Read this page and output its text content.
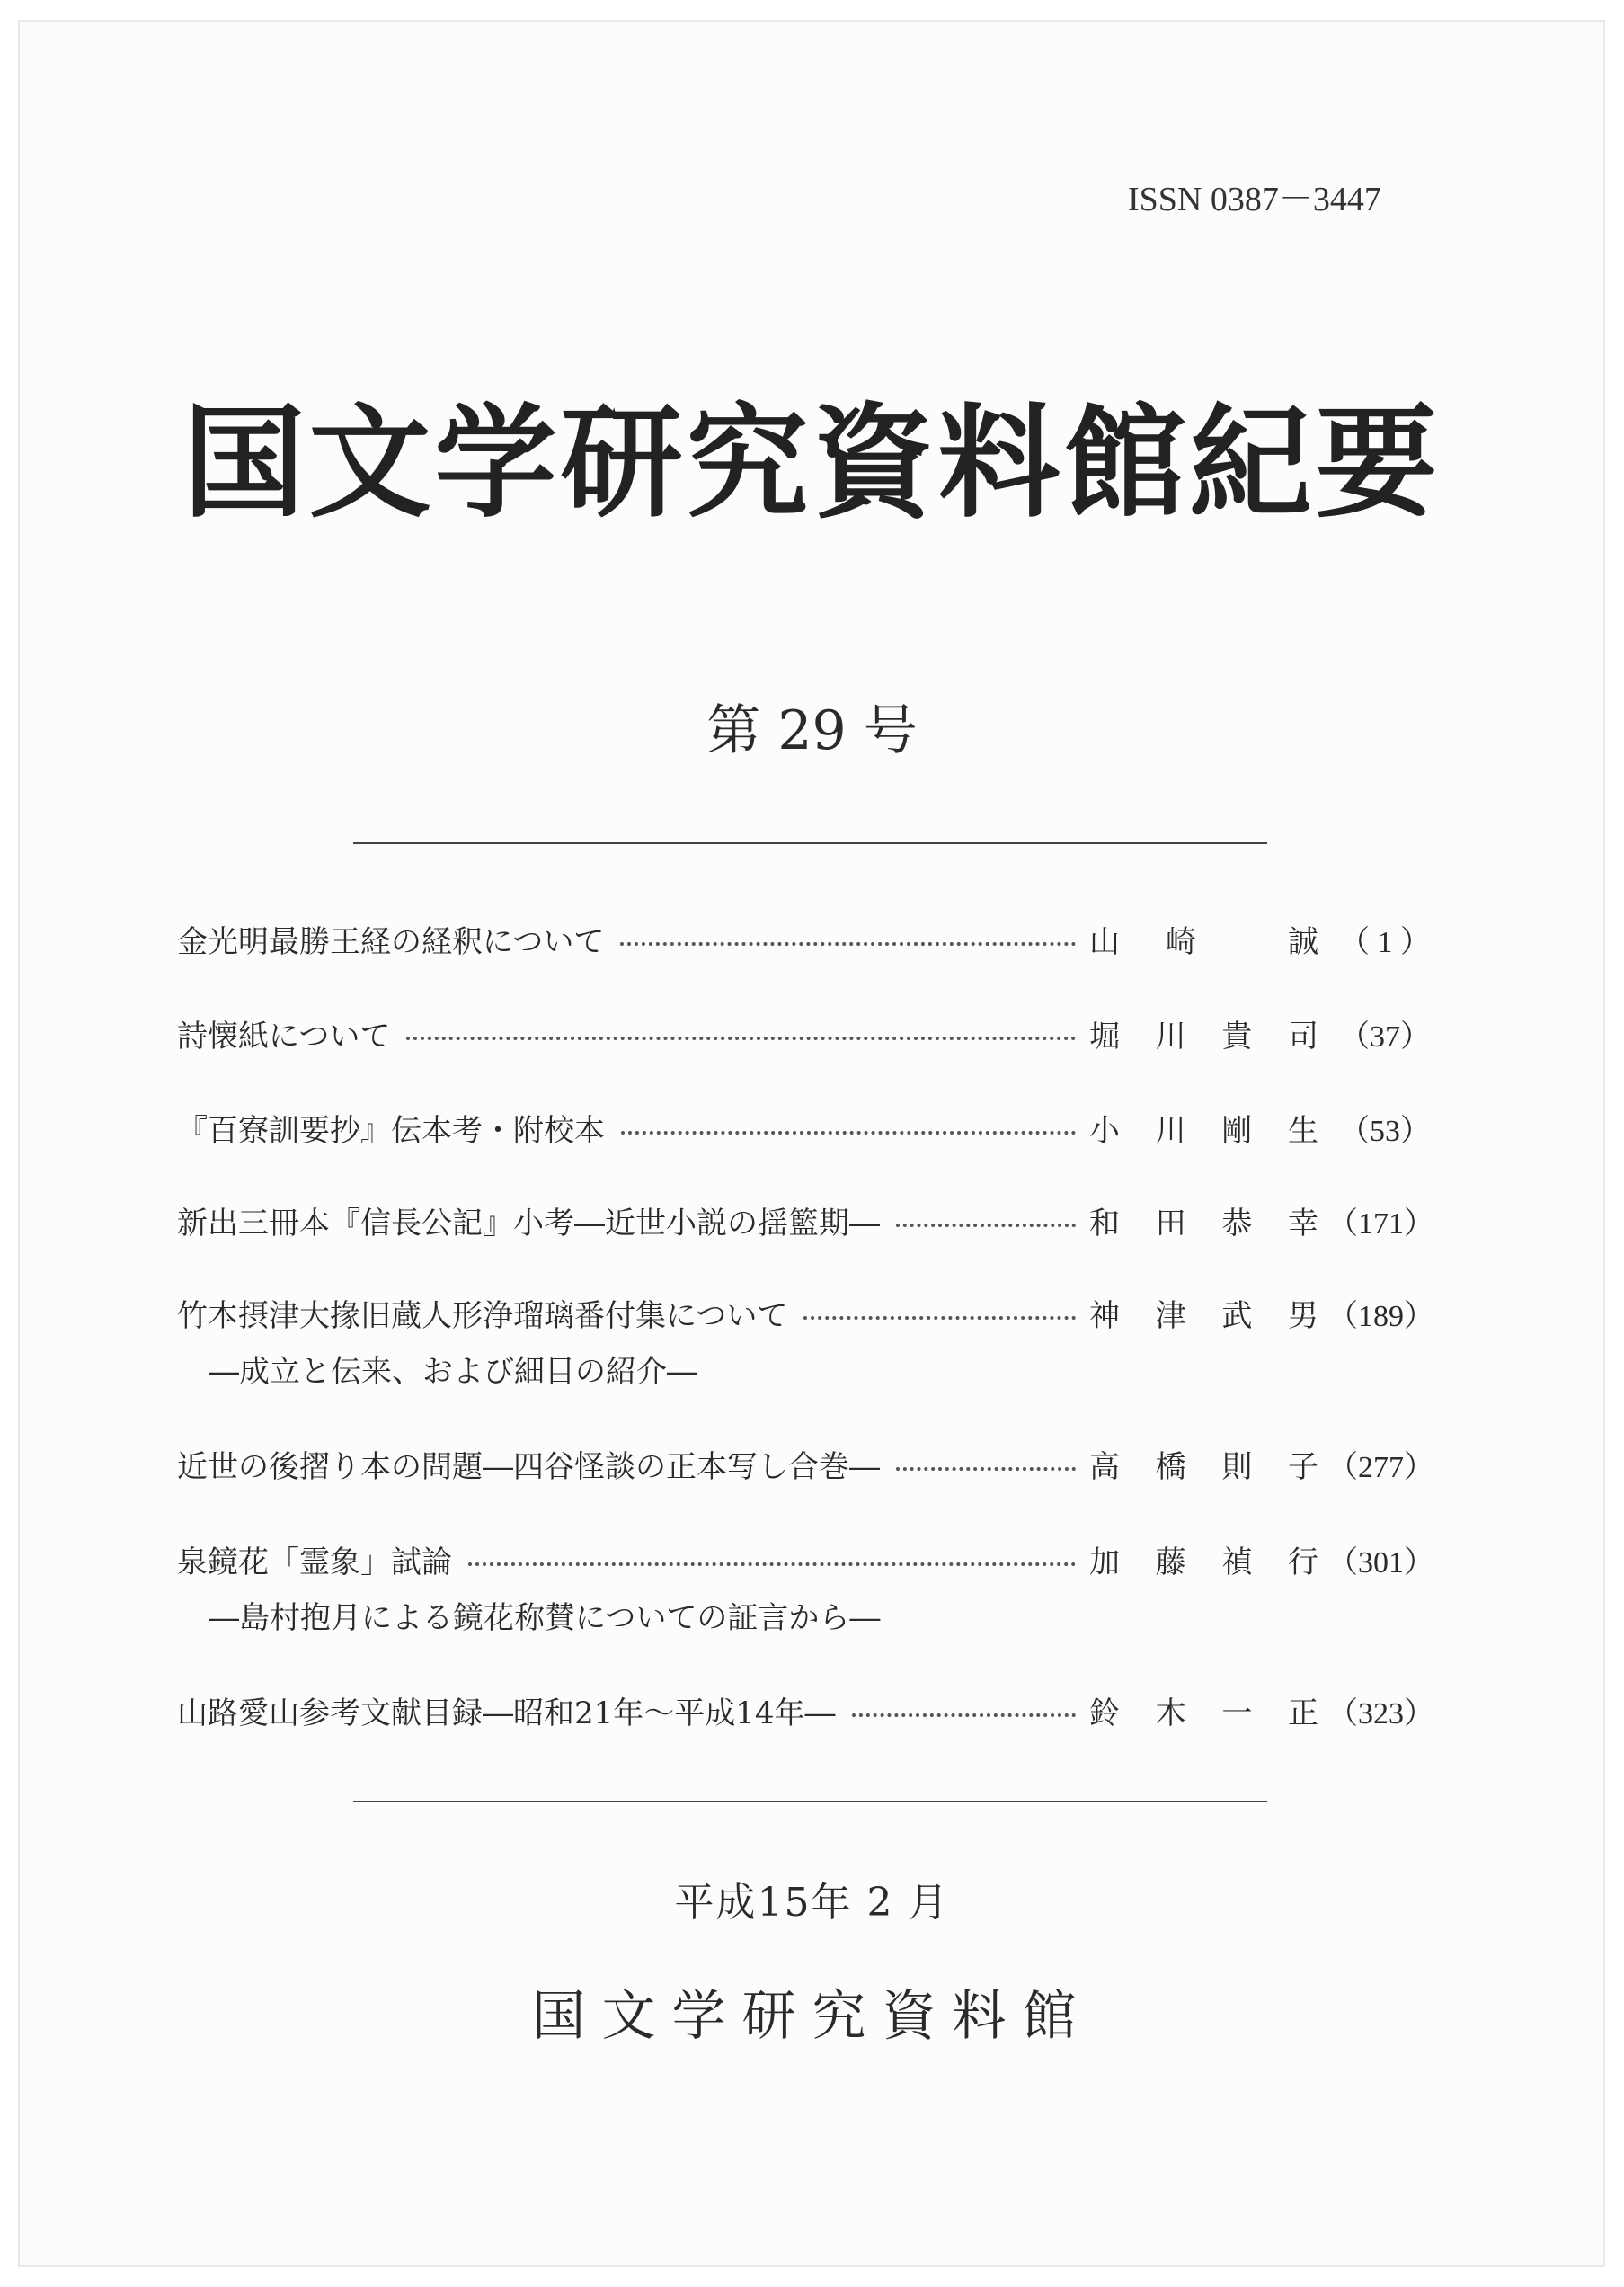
ISSN 0387－3447
国文学研究資料館紀要
第 29 号
金光明最勝王経の経釈について	山 崎	誠 （ 1 ）
詩懐紙について	堀 川 貴 司 （37）
『百寮訓要抄』伝本考・附校本	小 川 剛 生 （53）
新出三冊本『信長公記』小考―近世小説の揺籃期―	和 田 恭 幸 （171）
竹本摂津大掾旧蔵人形浄瑠璃番付集について	神 津 武 男 （189）
―成立と伝来、および細目の紹介―
近世の後摺り本の問題―四谷怪談の正本写し合巻―	高 橋 則 子 （277）
泉鏡花「霊象」試論	加 藤 禎 行 （301）
―島村抱月による鏡花称賛についての証言から―
山路愛山参考文献目録―昭和21年～平成14年―	鈴 木 一 正 （323）
平成15年 2 月
国文学研究資料館
